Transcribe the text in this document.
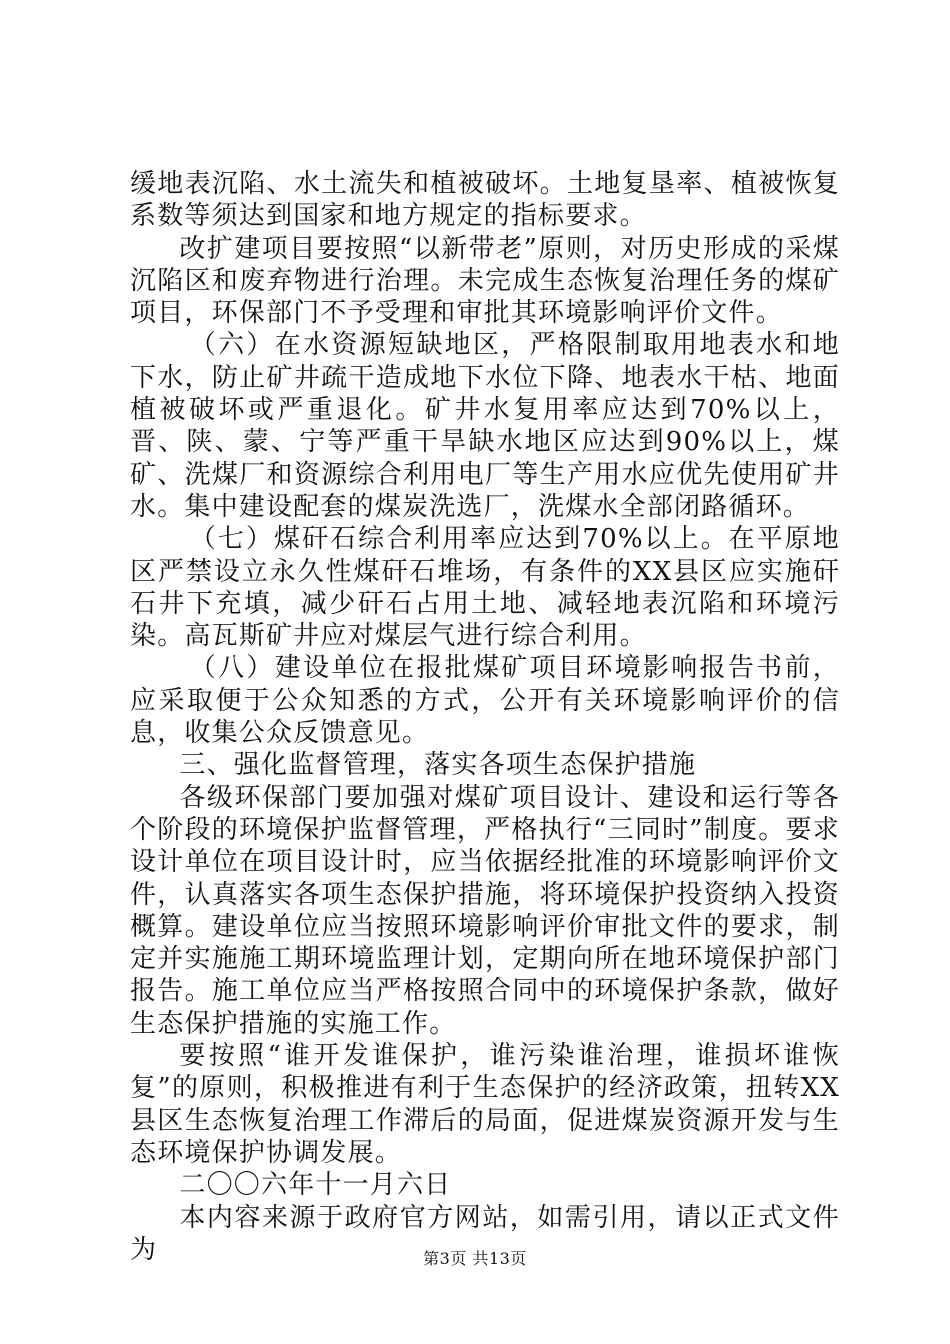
缓地表沉陷、水土流失和植被破坏。土地复垦率、植被恢复系数等须达到国家和地方规定的指标要求。

改扩建项目要按照“以新带老”原则，对历史形成的采煤沉陷区和废弃物进行治理。未完成生态恢复治理任务的煤矿项目，环保部门不予受理和审批其环境影响评价文件。

（六）在水资源短缺地区，严格限制取用地表水和地下水，防止矿井疏干造成地下水位下降、地表水干枯、地面植被破坏或严重退化。矿井水复用率应达到70%以上，晋、陕、蒙、宁等严重干旱缺水地区应达到90%以上，煤矿、洗煤厂和资源综合利用电厂等生产用水应优先使用矿井水。集中建设配套的煤炭洗选厂，洗煤水全部闭路循环。

（七）煤矸石综合利用率应达到70%以上。在平原地区严禁设立永久性煤矸石堆场，有条件的XX县区应实施矸石井下充填，减少矸石占用土地、减轻地表沉陷和环境污染。高瓦斯矿井应对煤层气进行综合利用。

（八）建设单位在报批煤矿项目环境影响报告书前，应采取便于公众知悉的方式，公开有关环境影响评价的信息，收集公众反馈意见。

三、强化监督管理，落实各项生态保护措施

各级环保部门要加强对煤矿项目设计、建设和运行等各个阶段的环境保护监督管理，严格执行“三同时”制度。要求设计单位在项目设计时，应当依据经批准的环境影响评价文件，认真落实各项生态保护措施，将环境保护投资纳入投资概算。建设单位应当按照环境影响评价审批文件的要求，制定并实施施工期环境监理计划，定期向所在地环境保护部门报告。施工单位应当严格按照合同中的环境保护条款，做好生态保护措施的实施工作。

要按照“谁开发谁保护，谁污染谁治理，谁损坏谁恢复”的原则，积极推进有利于生态保护的经济政策，扭转XX县区生态恢复治理工作滞后的局面，促进煤炭资源开发与生态环境保护协调发展。

二〇〇六年十一月六日

本内容来源于政府官方网站，如需引用，请以正式文件为	第3页 共13页
